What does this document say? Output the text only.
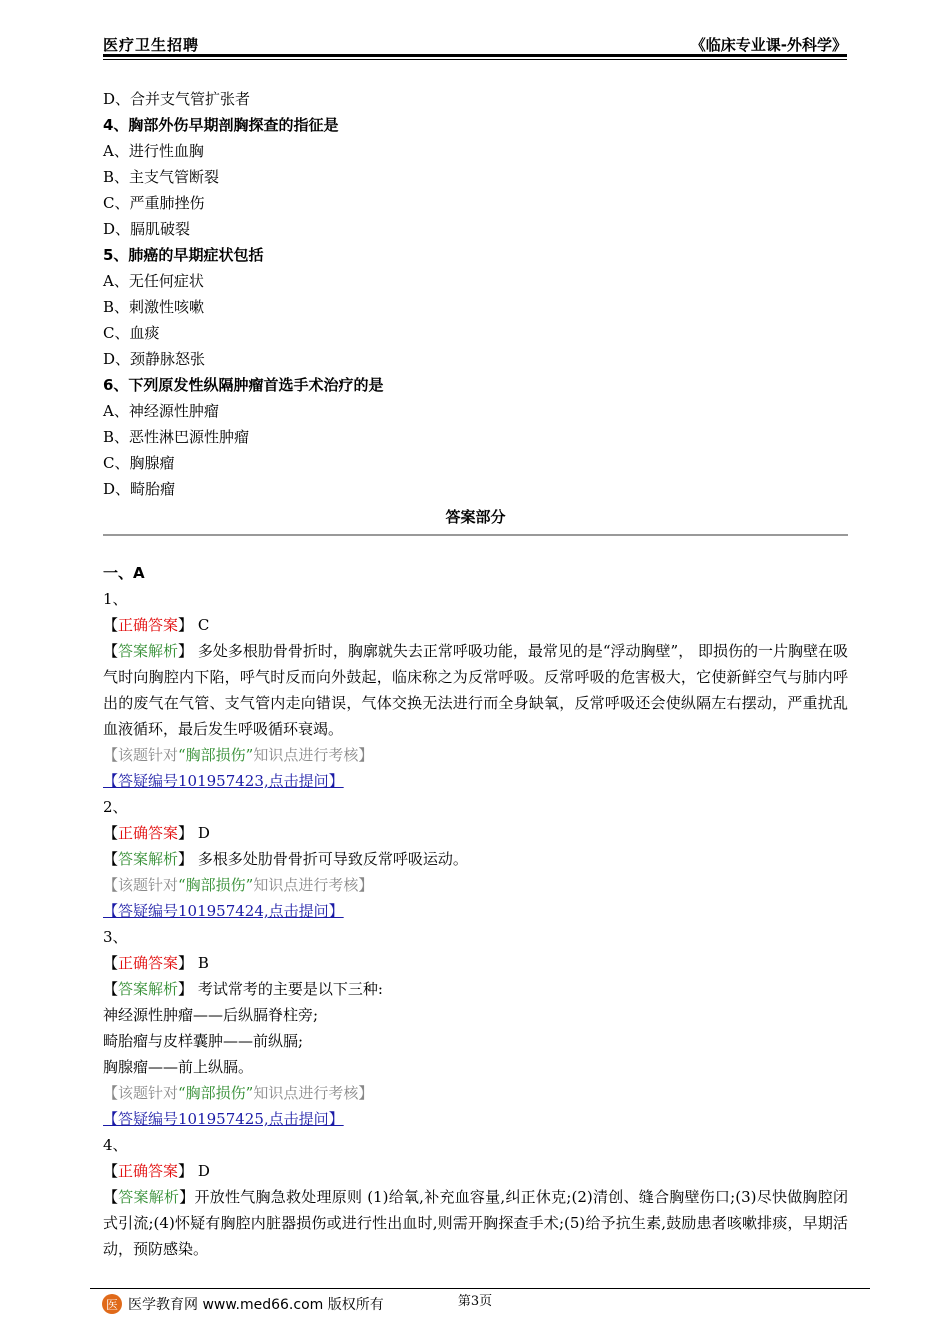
医疗卫生招聘	《临床专业课-外科学》
D、合并支气管扩张者
4、胸部外伤早期剖胸探查的指征是
A、进行性血胸
B、主支气管断裂
C、严重肺挫伤
D、膈肌破裂
5、肺癌的早期症状包括
A、无任何症状
B、刺激性咳嗽
C、血痰
D、颈静脉怒张
6、下列原发性纵隔肿瘤首选手术治疗的是
A、神经源性肿瘤
B、恶性淋巴源性肿瘤
C、胸腺瘤
D、畸胎瘤
答案部分
一、A
1、
【正确答案】 C
【答案解析】 多处多根肋骨骨折时，胸廓就失去正常呼吸功能，最常见的是“浮动胸壁”， 即损伤的一片胸壁在吸气时向胸腔内下陷，呼气时反而向外鼓起，临床称之为反常呼吸。反常呼吸的危害极大，它使新鲜空气与肺内呼出的废气在气管、支气管内走向错误，气体交换无法进行而全身缺氧，反常呼吸还会使纵隔左右摆动，严重扰乱血液循环，最后发生呼吸循环衰竭。
【该题针对“胸部损伤”知识点进行考核】
【答疑编号101957423,点击提问】
2、
【正确答案】 D
【答案解析】 多根多处肋骨骨折可导致反常呼吸运动。
【该题针对“胸部损伤”知识点进行考核】
【答疑编号101957424,点击提问】
3、
【正确答案】 B
【答案解析】 考试常考的主要是以下三种:
神经源性肿瘤——后纵膈脊柱旁;
畸胎瘤与皮样囊肿——前纵膈;
胸腺瘤——前上纵膈。
【该题针对“胸部损伤”知识点进行考核】
【答疑编号101957425,点击提问】
4、
【正确答案】 D
【答案解析】开放性气胸急救处理原则 (1)给氧,补充血容量,纠正休克;(2)清创、缝合胸壁伤口;(3)尽快做胸腔闭式引流;(4)怀疑有胸腔内脏器损伤或进行性出血时,则需开胸探查手术;(5)给予抗生素,鼓励患者咳嗽排痰，早期活动，预防感染。
医 医学教育网 www.med66.com 版权所有	第3页
